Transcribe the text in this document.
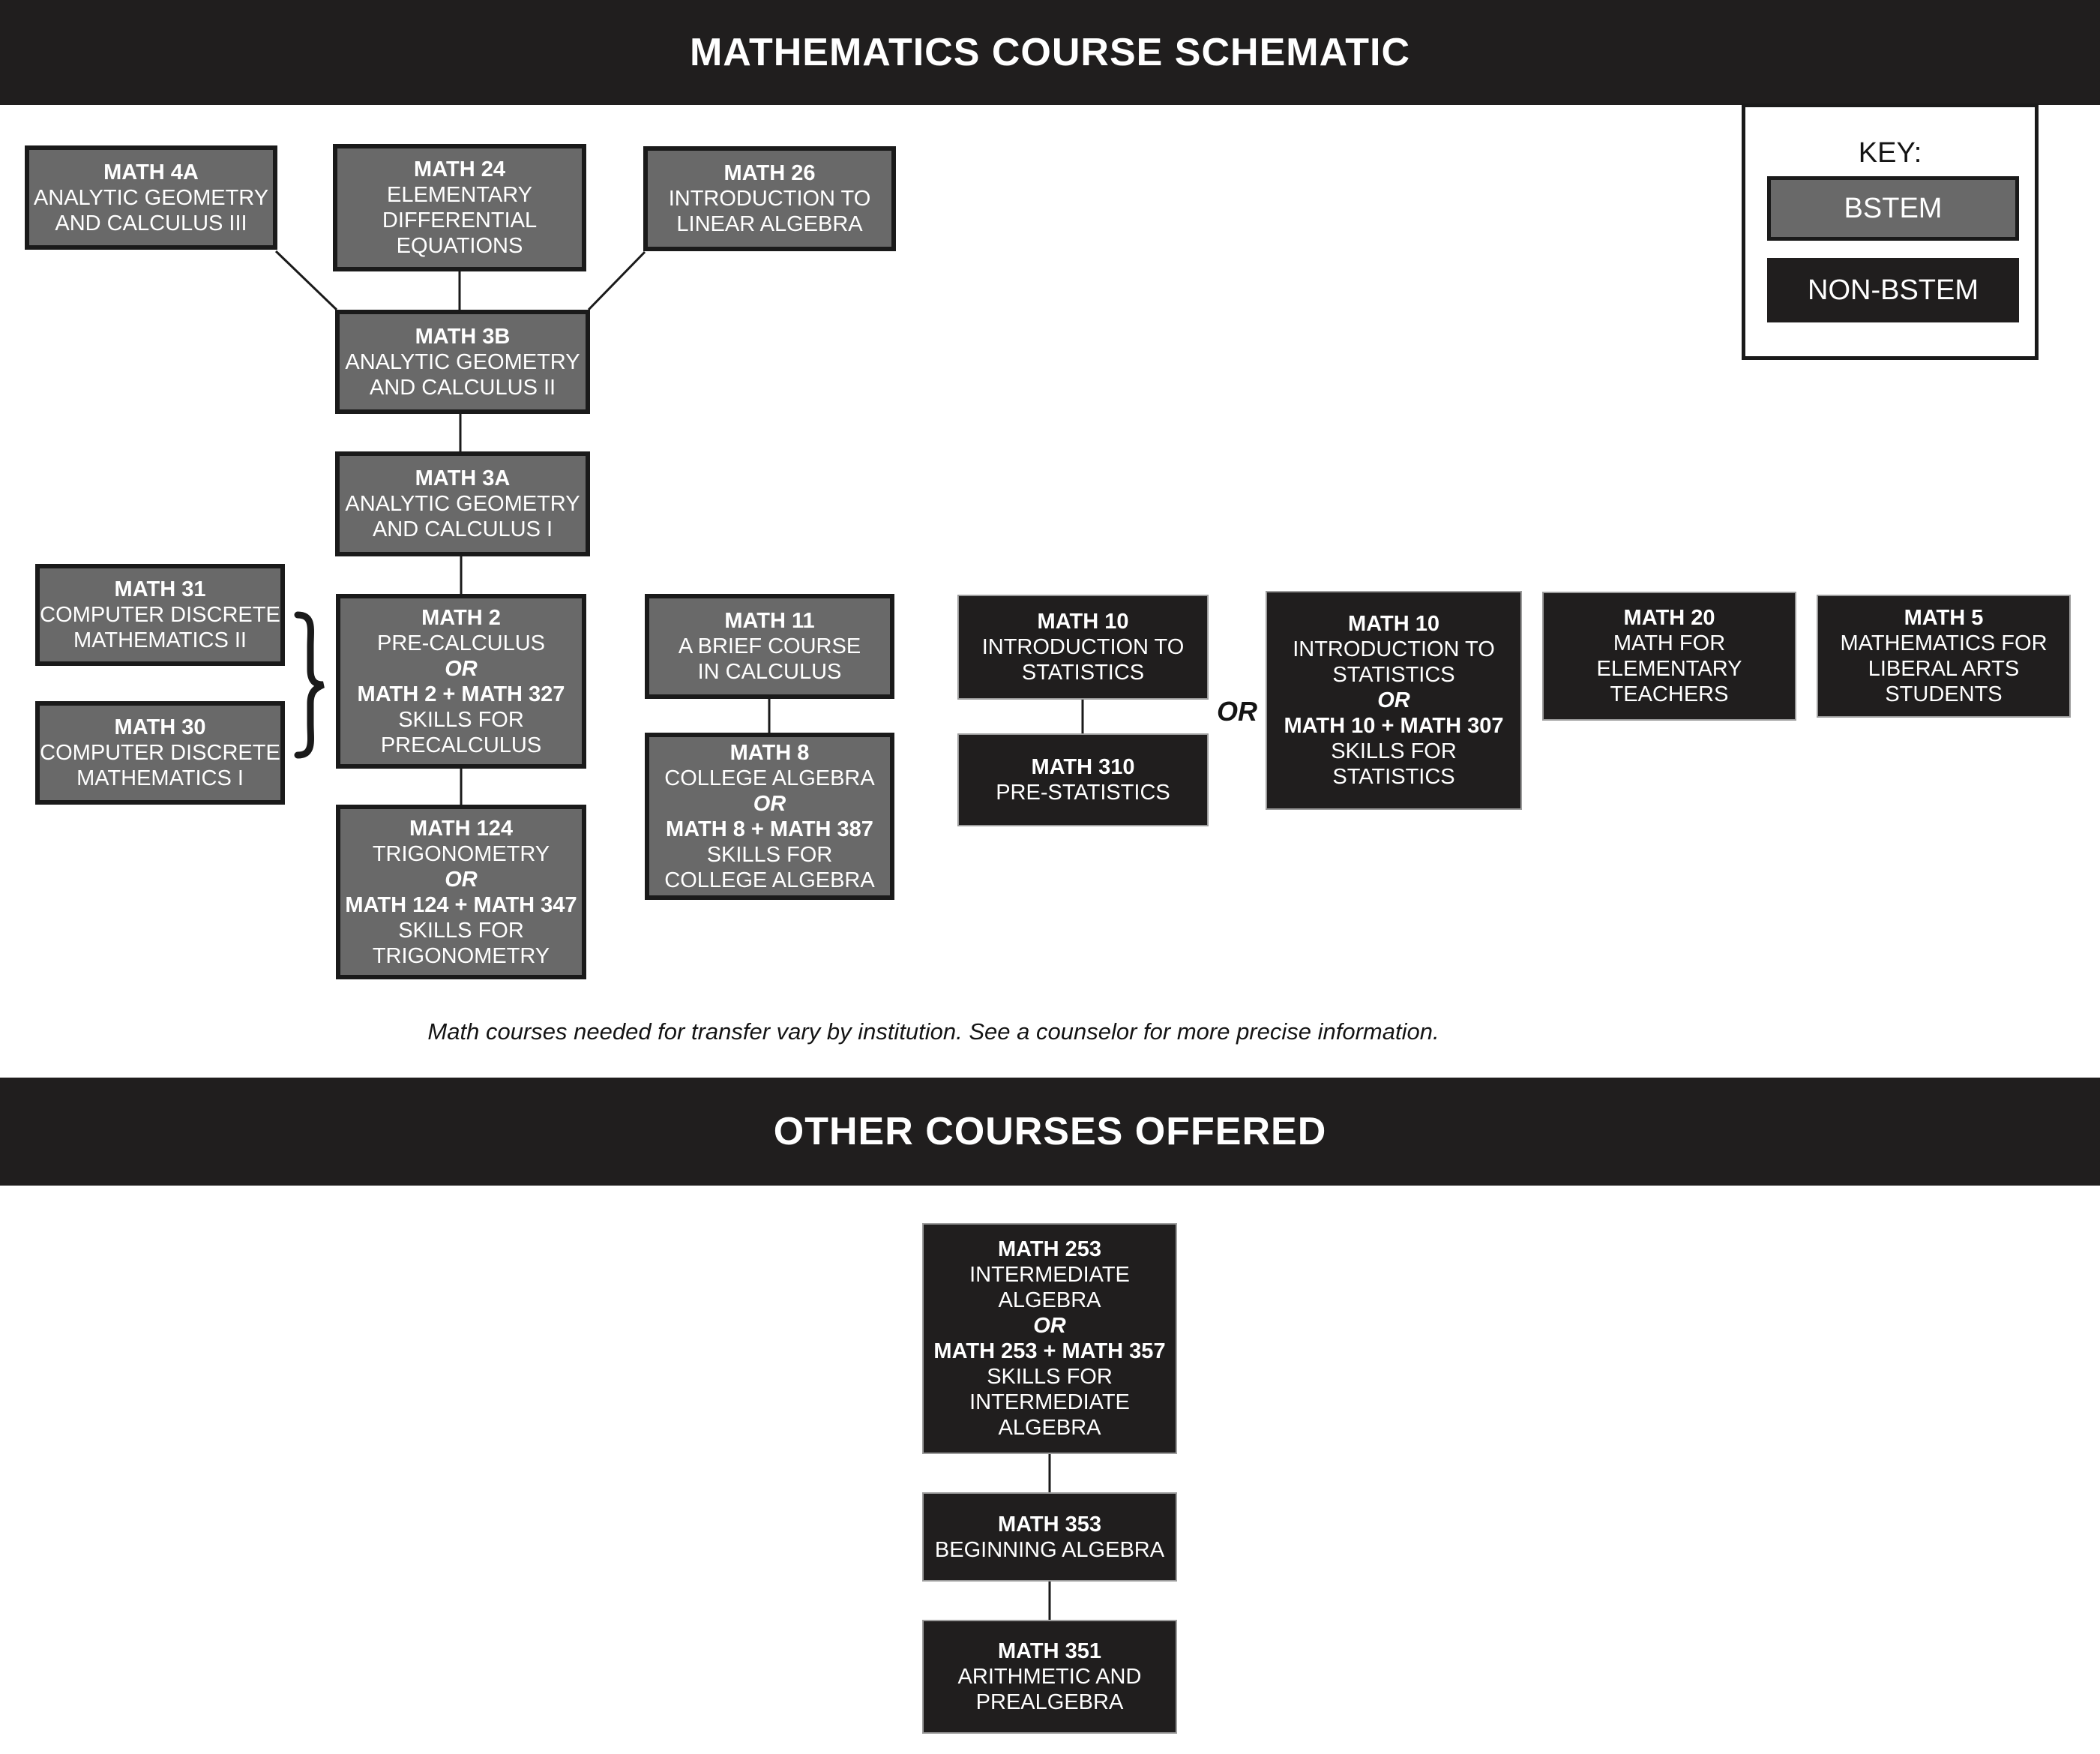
MATHEMATICS COURSE SCHEMATIC
KEY:
BSTEM
NON-BSTEM
MATH 4A
ANALYTIC GEOMETRY
AND CALCULUS III
MATH 24
ELEMENTARY
DIFFERENTIAL
EQUATIONS
MATH 26
INTRODUCTION TO
LINEAR ALGEBRA
MATH 3B
ANALYTIC GEOMETRY
AND CALCULUS II
MATH 3A
ANALYTIC GEOMETRY
AND CALCULUS I
MATH 31
COMPUTER DISCRETE
MATHEMATICS II
MATH 30
COMPUTER DISCRETE
MATHEMATICS I
MATH 2
PRE-CALCULUS
OR
MATH 2 + MATH 327
SKILLS FOR
PRECALCULUS
MATH 124
TRIGONOMETRY
OR
MATH 124 + MATH 347
SKILLS FOR
TRIGONOMETRY
MATH 11
A BRIEF COURSE
IN CALCULUS
MATH 8
COLLEGE ALGEBRA
OR
MATH 8 + MATH 387
SKILLS FOR
COLLEGE ALGEBRA
MATH 10
INTRODUCTION TO
STATISTICS
MATH 310
PRE-STATISTICS
MATH 10
INTRODUCTION TO
STATISTICS
OR
MATH 10 + MATH 307
SKILLS FOR
STATISTICS
MATH 20
MATH FOR
ELEMENTARY
TEACHERS
MATH 5
MATHEMATICS FOR
LIBERAL ARTS
STUDENTS
MATH 253
INTERMEDIATE
ALGEBRA
OR
MATH 253 + MATH 357
SKILLS FOR
INTERMEDIATE
ALGEBRA
MATH 353
BEGINNING ALGEBRA
MATH 351
ARITHMETIC AND
PREALGEBRA
OR
Math courses needed for transfer vary by institution. See a counselor for more precise information.
OTHER COURSES OFFERED
